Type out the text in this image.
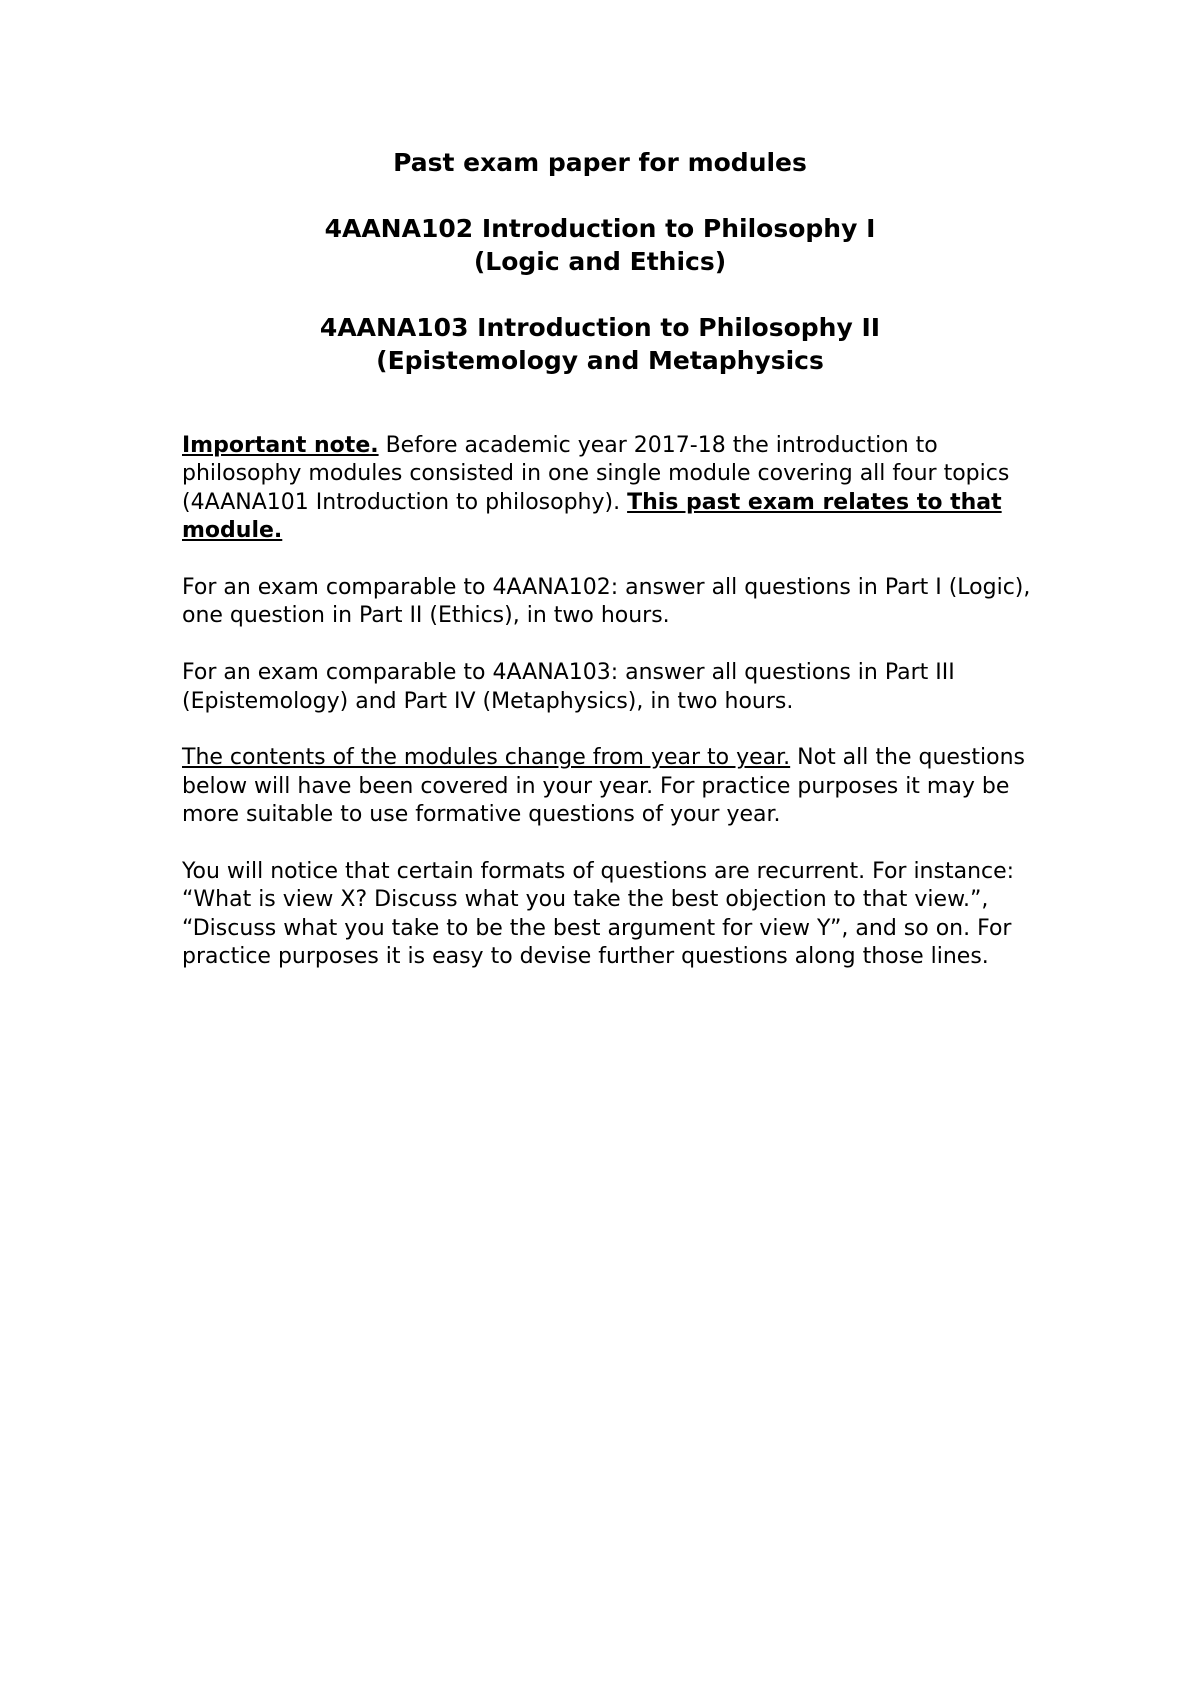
Past exam paper for modules

4AANA102 Introduction to Philosophy I

(Logic and Ethics)

4AANA103 Introduction to Philosophy II

(Epistemology and Metaphysics

Important note. Before academic year 2017-18 the introduction to philosophy modules consisted in one single module covering all four topics (4AANA101 Introduction to philosophy). This past exam relates to that module.

For an exam comparable to 4AANA102: answer all questions in Part I (Logic), one question in Part II (Ethics), in two hours.

For an exam comparable to 4AANA103: answer all questions in Part III (Epistemology) and Part IV (Metaphysics), in two hours.

The contents of the modules change from year to year. Not all the questions below will have been covered in your year. For practice purposes it may be more suitable to use formative questions of your year.

You will notice that certain formats of questions are recurrent. For instance: “What is view X? Discuss what you take the best objection to that view.”, “Discuss what you take to be the best argument for view Y”, and so on. For practice purposes it is easy to devise further questions along those lines.
